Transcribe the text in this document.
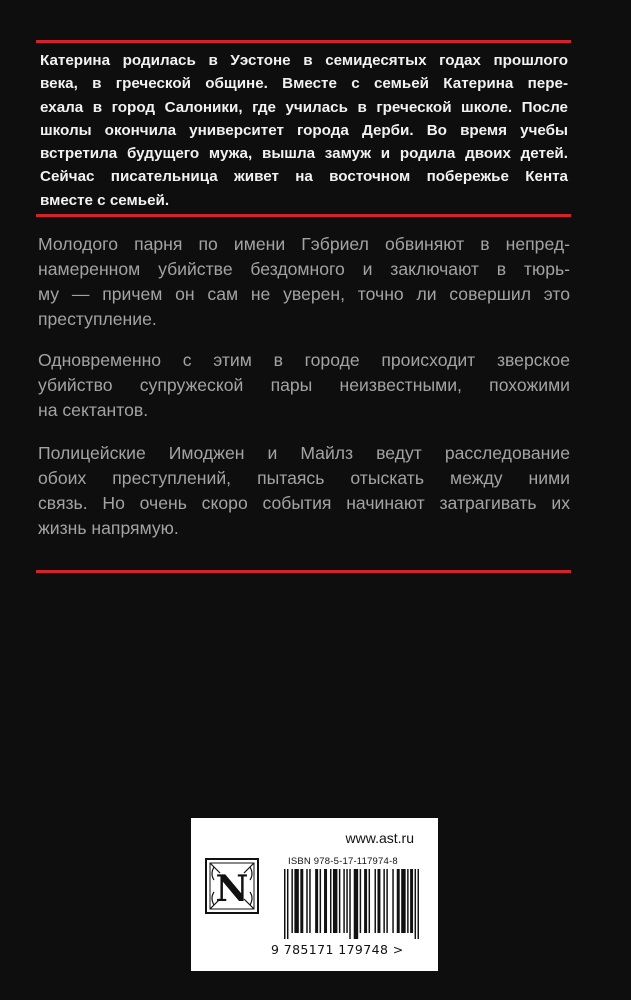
Катерина родилась в Уэстоне в семидесятых годах прошлого
века, в греческой общине. Вместе с семьей Катерина пере-
ехала в город Салоники, где училась в греческой школе. После
школы окончила университет города Дерби. Во время учебы
встретила будущего мужа, вышла замуж и родила двоих детей.
Сейчас писательница живет на восточном побережье Кента
вместе с семьей.
Молодого парня по имени Гэбриел обвиняют в непред-
намеренном убийстве бездомного и заключают в тюрь-
му — причем он сам не уверен, точно ли совершил это
преступление.
Одновременно с этим в городе происходит зверское
убийство супружеской пары неизвестными, похожими
на сектантов.
Полицейские Имоджен и Майлз ведут расследование
обоих преступлений, пытаясь отыскать между ними
связь. Но очень скоро события начинают затрагивать их
жизнь напрямую.
www.ast.ru
N
ISBN 978-5-17-117974-8
9 785171 179748 >
